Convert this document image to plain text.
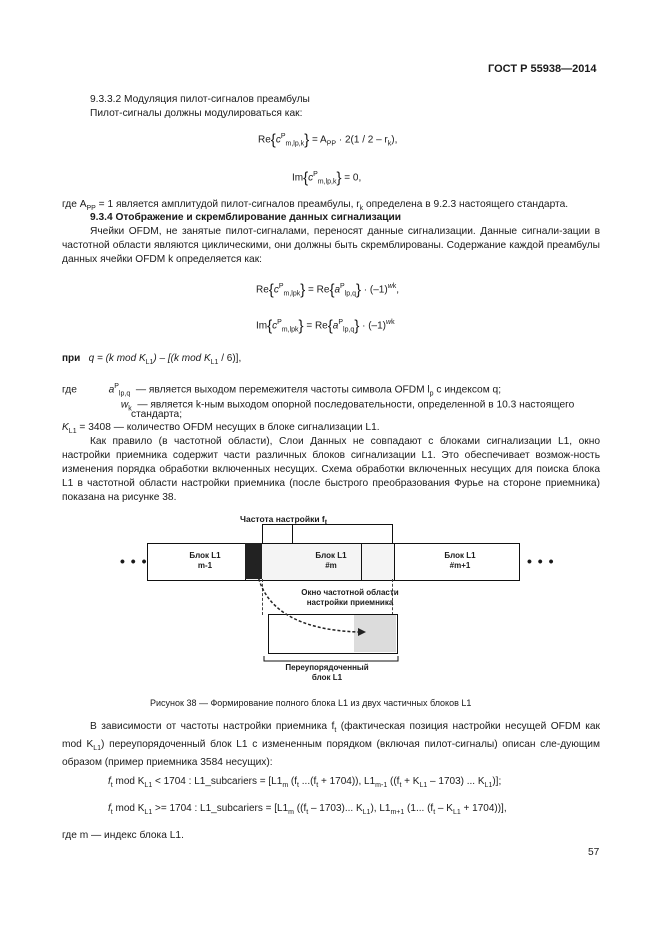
ГОСТ Р 55938—2014
9.3.3.2 Модуляция пилот-сигналов преамбулы
Пилот-сигналы должны модулироваться как:
$Re\{c^P_{m,lp,k}\} = A_{PP} \cdot 2(1 / 2 - r_k)$,
$Im\{c^P_{m,lp,k}\} = 0$,
где $A_{PP} = 1$ является амплитудой пилот-сигналов преамбулы, $r_k$ определена в 9.2.3 настоящего стандарта.
9.3.4 Отображение и скремблирование данных сигнализации
Ячейки OFDM, не занятые пилот-сигналами, переносят данные сигнализации. Данные сигнали-зации в частотной области являются циклическими, они должны быть скремблированы. Содержание каждой преамбулы данных ячейки OFDM k определяется как:
$Re\{c^P_{m,lpk}\} = Re\{a^P_{lp,q}\} \cdot (-1)^{wk}$,
$Im\{c^P_{m,lpk}\} = Re\{a^P_{lp,q}\} \cdot (-1)^{wk}$
при q = (k mod $K_{L1}) - [(k$ mod $K_{L1} / 6$)],
где	$a^P_{lp,q}$ — является выходом перемежителя частоты символа OFDM $l_p$ с индексом q;
$w_k$ — является k-ным выходом опорной последовательности, определенной в 10.3 настоящего
стандарта;
$K_{L1} = 3408$ — количество OFDM несущих в блоке сигнализации L1.
Как правило (в частотной области), Слои Данных не совпадают с блоками сигнализации L1, окно настройки приемника содержит части различных блоков сигнализации L1. Это обеспечивает возмож-ность изменения порядка обработки включенных несущих. Схема обработки включенных несущих для поиска блока L1 в частотной области настройки приемника (после быстрого преобразования Фурье на стороне приемника) показана на рисунке 38.
Частота настройки f
• • •	• • •
Блок L1
m-1
Блок L1
#m
Блок L1
#m+1
Окно частотной области
настройки приемника
Переупорядоченный
блок L1
Рисунок 38 — Формирование полного блока L1 из двух частичных блоков L1
В зависимости от частоты настройки приемника $f_t$ (фактическая позиция настройки несущей OFDM как mod $K_{L1}$) переупорядоченный блок L1 с измененным порядком (включая пилот-сигналы) описан сле-дующим образом (пример приемника 3584 несущих):
$f_t$ mod $K_{L1} < 1704$ : L1_subcariers = [$L1_m$ ($f_t$ $...(f_t + 1704)$), $L1_{m-1}$ ($(f_t + K_{L1} - 1703)$ ... $K_{L1}$)];
$f_t$ mod $K_{L1} >= 1704$ : L1_subcariers = [$L1_m$ ($(f_t - 1703)$... $K_{L1}$), $L1_{m+1}$ (1... $(f_t - K_{L1} + 1704)$)],
где m — индекс блока L1.
57
